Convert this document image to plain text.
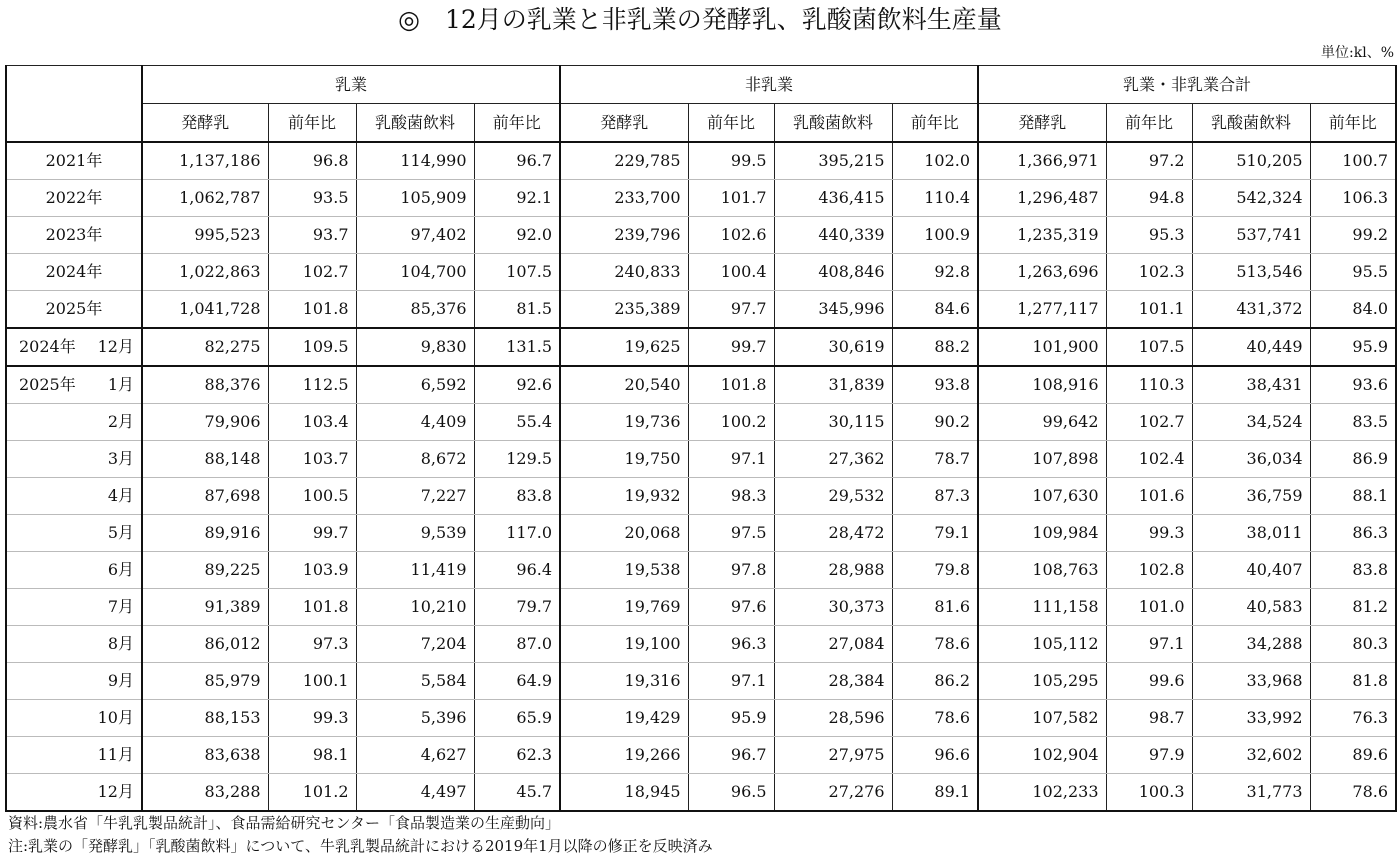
◎　12月の乳業と非乳業の発酵乳、乳酸菌飲料生産量
単位:kl、%
	乳業				非乳業				乳業・非乳業合計			
	発酵乳	前年比	乳酸菌飲料	前年比	発酵乳	前年比	乳酸菌飲料	前年比	発酵乳	前年比	乳酸菌飲料	前年比
2021年	1,137,186	96.8	114,990	96.7	229,785	99.5	395,215	102.0	1,366,971	97.2	510,205	100.7
2022年	1,062,787	93.5	105,909	92.1	233,700	101.7	436,415	110.4	1,296,487	94.8	542,324	106.3
2023年	995,523	93.7	97,402	92.0	239,796	102.6	440,339	100.9	1,235,319	95.3	537,741	99.2
2024年	1,022,863	102.7	104,700	107.5	240,833	100.4	408,846	92.8	1,263,696	102.3	513,546	95.5
2025年	1,041,728	101.8	85,376	81.5	235,389	97.7	345,996	84.6	1,277,117	101.1	431,372	84.0
2024年 12月	82,275	109.5	9,830	131.5	19,625	99.7	30,619	88.2	101,900	107.5	40,449	95.9
2025年 1月	88,376	112.5	6,592	92.6	20,540	101.8	31,839	93.8	108,916	110.3	38,431	93.6
2月	79,906	103.4	4,409	55.4	19,736	100.2	30,115	90.2	99,642	102.7	34,524	83.5
3月	88,148	103.7	8,672	129.5	19,750	97.1	27,362	78.7	107,898	102.4	36,034	86.9
4月	87,698	100.5	7,227	83.8	19,932	98.3	29,532	87.3	107,630	101.6	36,759	88.1
5月	89,916	99.7	9,539	117.0	20,068	97.5	28,472	79.1	109,984	99.3	38,011	86.3
6月	89,225	103.9	11,419	96.4	19,538	97.8	28,988	79.8	108,763	102.8	40,407	83.8
7月	91,389	101.8	10,210	79.7	19,769	97.6	30,373	81.6	111,158	101.0	40,583	81.2
8月	86,012	97.3	7,204	87.0	19,100	96.3	27,084	78.6	105,112	97.1	34,288	80.3
9月	85,979	100.1	5,584	64.9	19,316	97.1	28,384	86.2	105,295	99.6	33,968	81.8
10月	88,153	99.3	5,396	65.9	19,429	95.9	28,596	78.6	107,582	98.7	33,992	76.3
11月	83,638	98.1	4,627	62.3	19,266	96.7	27,975	96.6	102,904	97.9	32,602	89.6
12月	83,288	101.2	4,497	45.7	18,945	96.5	27,276	89.1	102,233	100.3	31,773	78.6
資料:農水省「牛乳乳製品統計」、食品需給研究センター「食品製造業の生産動向」
注:乳業の「発酵乳」「乳酸菌飲料」について、牛乳乳製品統計における2019年1月以降の修正を反映済み
